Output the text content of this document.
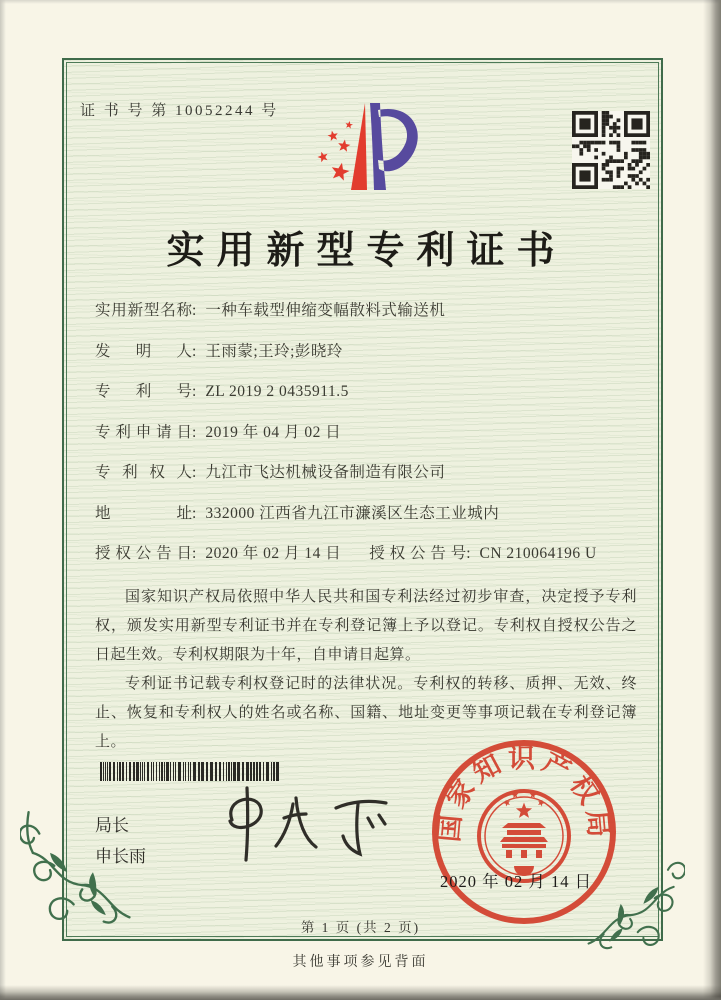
证 书 号 第 10052244 号
实用新型专利证书
实用新型名称: 一种车载型伸缩变幅散料式输送机
发明人: 王雨蒙;王玲;彭晓玲
专利号: ZL 2019 2 0435911.5
专利申请日: 2019 年 04 月 02 日
专利权人: 九江市飞达机械设备制造有限公司
地址: 332000 江西省九江市濂溪区生态工业城内
授权公告日: 2020 年 02 月 14 日 授权公告号: CN 210064196 U

国家知识产权局依照中华人民共和国专利法经过初步审查，决定授予专利权，颁发实用新型专利证书并在专利登记簿上予以登记。专利权自授权公告之日起生效。专利权期限为十年，自申请日起算。

专利证书记载专利权登记时的法律状况。专利权的转移、质押、无效、终止、恢复和专利权人的姓名或名称、国籍、地址变更等事项记载在专利登记簿上。

局长
申长雨
国家知识产权局
2020 年 02 月 14 日
第 1 页 (共 2 页)
其他事项参见背面
